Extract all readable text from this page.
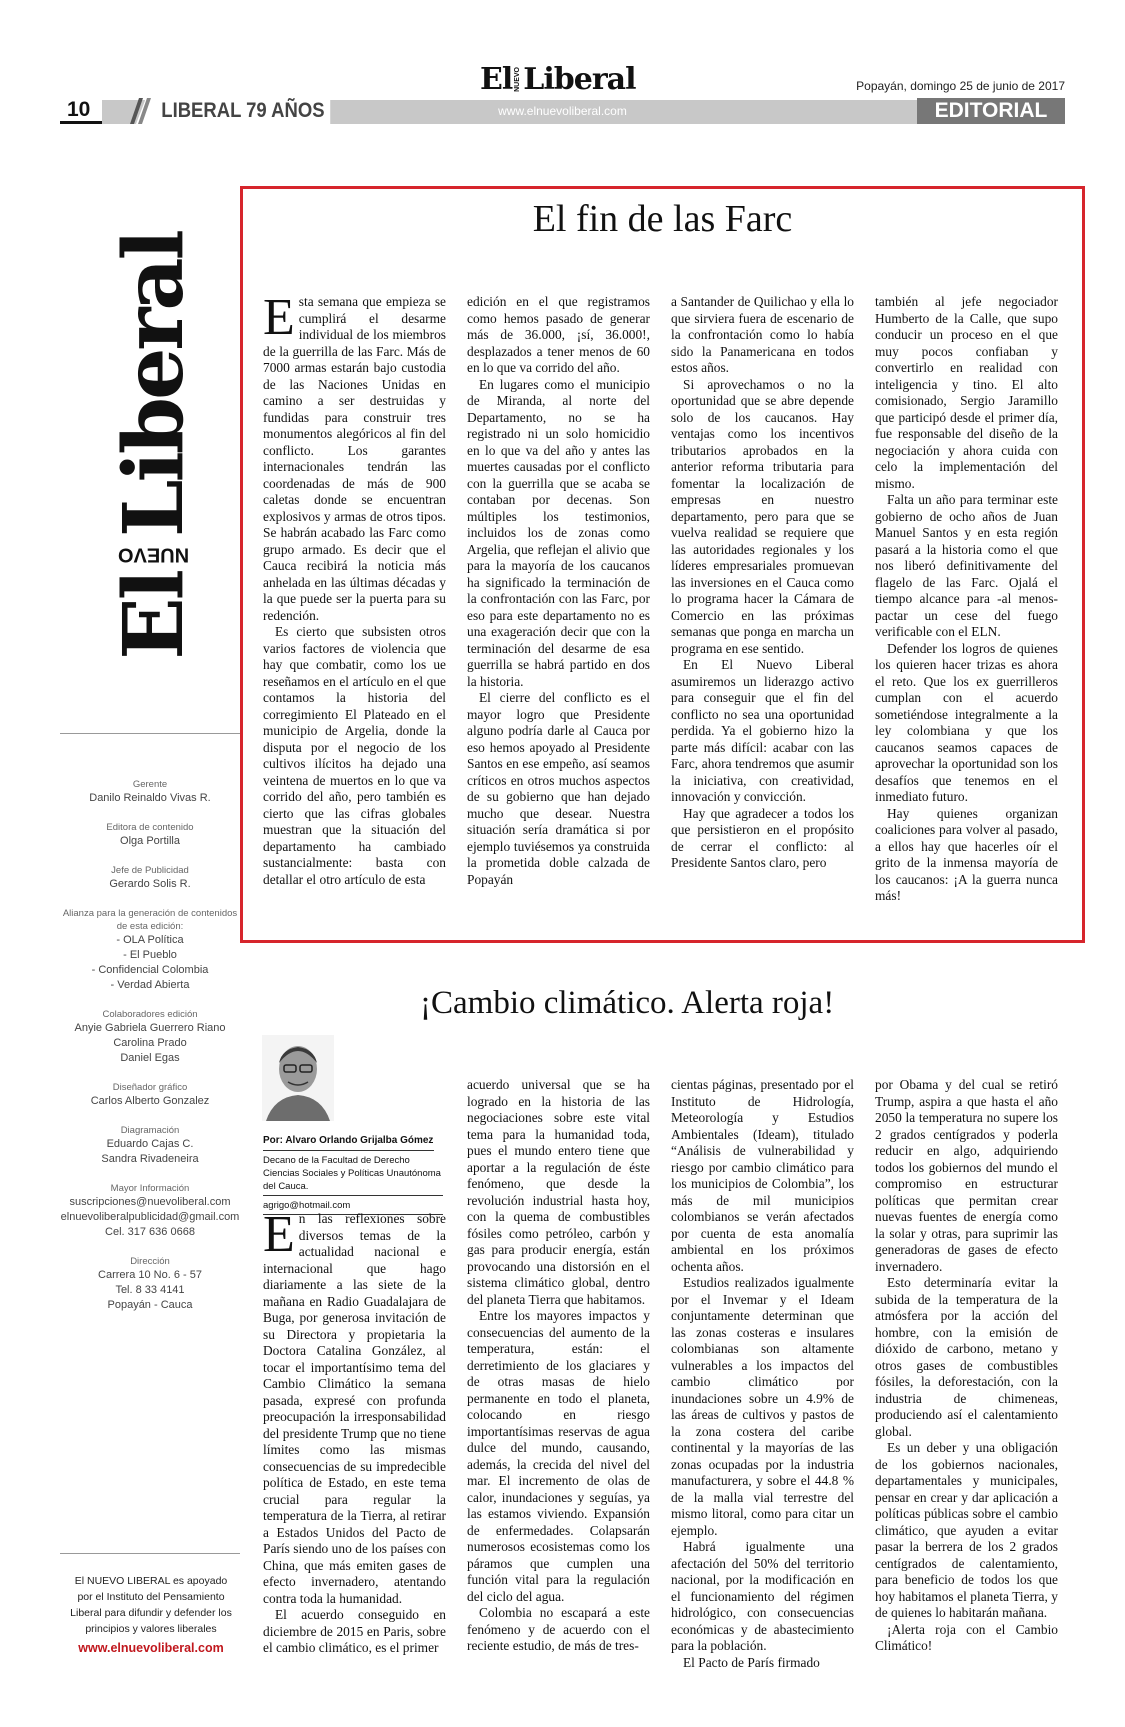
El NUEVO Liberal	Popayán, domingo 25 de junio de 2017
www.elnuevoliberal.com
10	LIBERAL 79 AÑOS	EDITORIAL
El
NUEVO
Liberal
Gerente
Danilo Reinaldo Vivas R.
Editora de contenido
Olga Portilla
Jefe de Publicidad
Gerardo Solis R.
Alianza para la generación de contenidos de esta edición:
- OLA Política
- El Pueblo
- Confidencial Colombia
- Verdad Abierta
Colaboradores edición
Anyie Gabriela Guerrero Riano
Carolina Prado
Daniel Egas
Diseñador gráfico
Carlos Alberto Gonzalez
Diagramación
Eduardo Cajas C.
Sandra Rivadeneira
Mayor Información
suscripciones@nuevoliberal.com
elnuevoliberalpublicidad@gmail.com
Cel. 317 636 0668
Dirección
Carrera 10 No. 6 - 57
Tel. 8 33 4141
Popayán - Cauca
El NUEVO LIBERAL es apoyado por el Instituto del Pensamiento Liberal para difundir y defender los principios y valores liberales
www.elnuevoliberal.com
El fin de las Farc

Esta semana que empieza se cumplirá el desarme individual de los miembros de la guerrilla de las Farc. Más de 7000 armas estarán bajo custodia de las Naciones Unidas en camino a ser destruidas y fundidas para construir tres monumentos alegóricos al fin del conflicto. Los garantes internacionales tendrán las coordenadas de más de 900 caletas donde se encuentran explosivos y armas de otros tipos. Se habrán acabado las Farc como grupo armado. Es decir que el Cauca recibirá la noticia más anhelada en las últimas décadas y la que puede ser la puerta para su redención.

Es cierto que subsisten otros varios factores de violencia que hay que combatir, como los ue reseñamos en el artículo en el que contamos la historia del corregimiento El Plateado en el municipio de Argelia, donde la disputa por el negocio de los cultivos ilícitos ha dejado una veintena de muertos en lo que va corrido del año, pero también es cierto que las cifras globales muestran que la situación del departamento ha cambiado sustancialmente: basta con detallar el otro artículo de esta

edición en el que registramos como hemos pasado de generar más de 36.000, ¡sí, 36.000!, desplazados a tener menos de 60 en lo que va corrido del año.

En lugares como el municipio de Miranda, al norte del Departamento, no se ha registrado ni un solo homicidio en lo que va del año y antes las muertes causadas por el conflicto con la guerrilla que se acaba se contaban por decenas. Son múltiples los testimonios, incluidos los de zonas como Argelia, que reflejan el alivio que para la mayoría de los caucanos ha significado la terminación de la confrontación con las Farc, por eso para este departamento no es una exageración decir que con la terminación del desarme de esa guerrilla se habrá partido en dos la historia.

El cierre del conflicto es el mayor logro que Presidente alguno podría darle al Cauca por eso hemos apoyado al Presidente Santos en ese empeño, así seamos críticos en otros muchos aspectos de su gobierno que han dejado mucho que desear. Nuestra situación sería dramática si por ejemplo tuviésemos ya construida la prometida doble calzada de Popayán

a Santander de Quilichao y ella lo que sirviera fuera de escenario de la confrontación como lo había sido la Panamericana en todos estos años.

Si aprovechamos o no la oportunidad que se abre depende solo de los caucanos. Hay ventajas como los incentivos tributarios aprobados en la anterior reforma tributaria para fomentar la localización de empresas en nuestro departamento, pero para que se vuelva realidad se requiere que las autoridades regionales y los líderes empresariales promuevan las inversiones en el Cauca como lo programa hacer la Cámara de Comercio en las próximas semanas que ponga en marcha un programa en ese sentido.

En El Nuevo Liberal asumiremos un liderazgo activo para conseguir que el fin del conflicto no sea una oportunidad perdida. Ya el gobierno hizo la parte más difícil: acabar con las Farc, ahora tendremos que asumir la iniciativa, con creatividad, innovación y convicción.

Hay que agradecer a todos los que persistieron en el propósito de cerrar el conflicto: al Presidente Santos claro, pero

también al jefe negociador Humberto de la Calle, que supo conducir un proceso en el que muy pocos confiaban y convertirlo en realidad con inteligencia y tino. El alto comisionado, Sergio Jaramillo que participó desde el primer día, fue responsable del diseño de la negociación y ahora cuida con celo la implementación del mismo.

Falta un año para terminar este gobierno de ocho años de Juan Manuel Santos y en esta región pasará a la historia como el que nos liberó definitivamente del flagelo de las Farc. Ojalá el tiempo alcance para -al menos- pactar un cese del fuego verificable con el ELN.

Defender los logros de quienes los quieren hacer trizas es ahora el reto. Que los ex guerrilleros cumplan con el acuerdo sometiéndose integralmente a la ley colombiana y que los caucanos seamos capaces de aprovechar la oportunidad son los desafíos que tenemos en el inmediato futuro.

Hay quienes organizan coaliciones para volver al pasado, a ellos hay que hacerles oír el grito de la inmensa mayoría de los caucanos: ¡A la guerra nunca más!

¡Cambio climático. Alerta roja!
Por: Alvaro Orlando Grijalba Gómez
Decano de la Facultad de Derecho Ciencias Sociales y Políticas Unautónoma del Cauca.
agrigo@hotmail.com

En las reflexiones sobre diversos temas de la actualidad nacional e internacional que hago diariamente a las siete de la mañana en Radio Guadalajara de Buga, por generosa invitación de su Directora y propietaria la Doctora Catalina González, al tocar el importantísimo tema del Cambio Climático la semana pasada, expresé con profunda preocupación la irresponsabilidad del presidente Trump que no tiene límites como las mismas consecuencias de su impredecible política de Estado, en este tema crucial para regular la temperatura de la Tierra, al retirar a Estados Unidos del Pacto de París siendo uno de los países con China, que más emiten gases de efecto invernadero, atentando contra toda la humanidad.

El acuerdo conseguido en diciembre de 2015 en Paris, sobre el cambio climático, es el primer

acuerdo universal que se ha logrado en la historia de las negociaciones sobre este vital tema para la humanidad toda, pues el mundo entero tiene que aportar a la regulación de éste fenómeno, que desde la revolución industrial hasta hoy, con la quema de combustibles fósiles como petróleo, carbón y gas para producir energía, están provocando una distorsión en el sistema climático global, dentro del planeta Tierra que habitamos.

Entre los mayores impactos y consecuencias del aumento de la temperatura, están: el derretimiento de los glaciares y de otras masas de hielo permanente en todo el planeta, colocando en riesgo importantísimas reservas de agua dulce del mundo, causando, además, la crecida del nivel del mar. El incremento de olas de calor, inundaciones y seguías, ya las estamos viviendo. Expansión de enfermedades. Colapsarán numerosos ecosistemas como los páramos que cumplen una función vital para la regulación del ciclo del agua.

Colombia no escapará a este fenómeno y de acuerdo con el reciente estudio, de más de tres-

cientas páginas, presentado por el Instituto de Hidrología, Meteorología y Estudios Ambientales (Ideam), titulado “Análisis de vulnerabilidad y riesgo por cambio climático para los municipios de Colombia”, los más de mil municipios colombianos se verán afectados por cuenta de esta anomalía ambiental en los próximos ochenta años.

Estudios realizados igualmente por el Invemar y el Ideam conjuntamente determinan que las zonas costeras e insulares colombianas son altamente vulnerables a los impactos del cambio climático por inundaciones sobre un 4.9% de las áreas de cultivos y pastos de la zona costera del caribe continental y la mayorías de las zonas ocupadas por la industria manufacturera, y sobre el 44.8 % de la malla vial terrestre del mismo litoral, como para citar un ejemplo.

Habrá igualmente una afectación del 50% del territorio nacional, por la modificación en el funcionamiento del régimen hidrológico, con consecuencias económicas y de abastecimiento para la población.

El Pacto de París firmado

por Obama y del cual se retiró Trump, aspira a que hasta el año 2050 la temperatura no supere los 2 grados centígrados y poderla reducir en algo, adquiriendo todos los gobiernos del mundo el compromiso en estructurar políticas que permitan crear nuevas fuentes de energía como la solar y otras, para suprimir las generadoras de gases de efecto invernadero.

Esto determinaría evitar la subida de la temperatura de la atmósfera por la acción del hombre, con la emisión de dióxido de carbono, metano y otros gases de combustibles fósiles, la deforestación, con la industria de chimeneas, produciendo así el calentamiento global.

Es un deber y una obligación de los gobiernos nacionales, departamentales y municipales, pensar en crear y dar aplicación a políticas públicas sobre el cambio climático, que ayuden a evitar pasar la berrera de los 2 grados centígrados de calentamiento, para beneficio de todos los que hoy habitamos el planeta Tierra, y de quienes lo habitarán mañana.

¡Alerta roja con el Cambio Climático!
